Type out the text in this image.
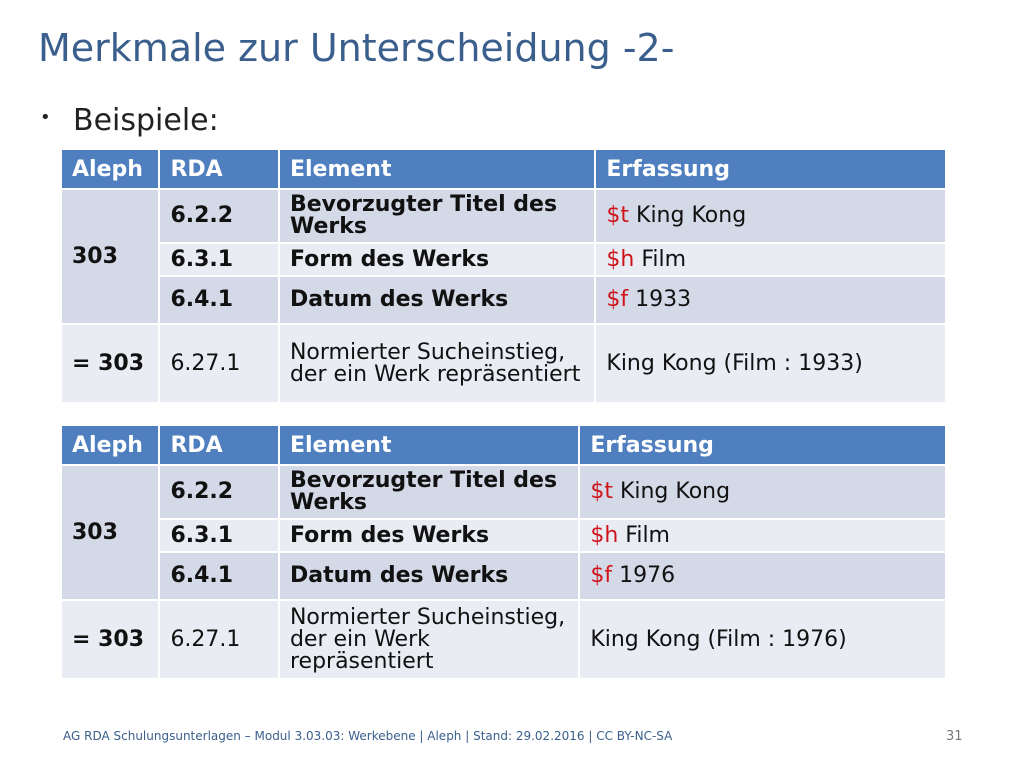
Merkmale zur Unterscheidung -2-
• Beispiele:
Aleph	RDA	Element	Erfassung
303	6.2.2	Bevorzugter Titel des Werks	$t King Kong
	6.3.1	Form des Werks	$h Film
	6.4.1	Datum des Werks	$f 1933
= 303	6.27.1	Normierter Sucheinstieg, der ein Werk repräsentiert	King Kong (Film : 1933)
Aleph	RDA	Element	Erfassung
303	6.2.2	Bevorzugter Titel des Werks	$t King Kong
	6.3.1	Form des Werks	$h Film
	6.4.1	Datum des Werks	$f 1976
= 303	6.27.1	Normierter Sucheinstieg, der ein Werk repräsentiert	King Kong (Film : 1976)
AG RDA Schulungsunterlagen – Modul 3.03.03: Werkebene | Aleph | Stand: 29.02.2016 | CC BY-NC-SA	31
